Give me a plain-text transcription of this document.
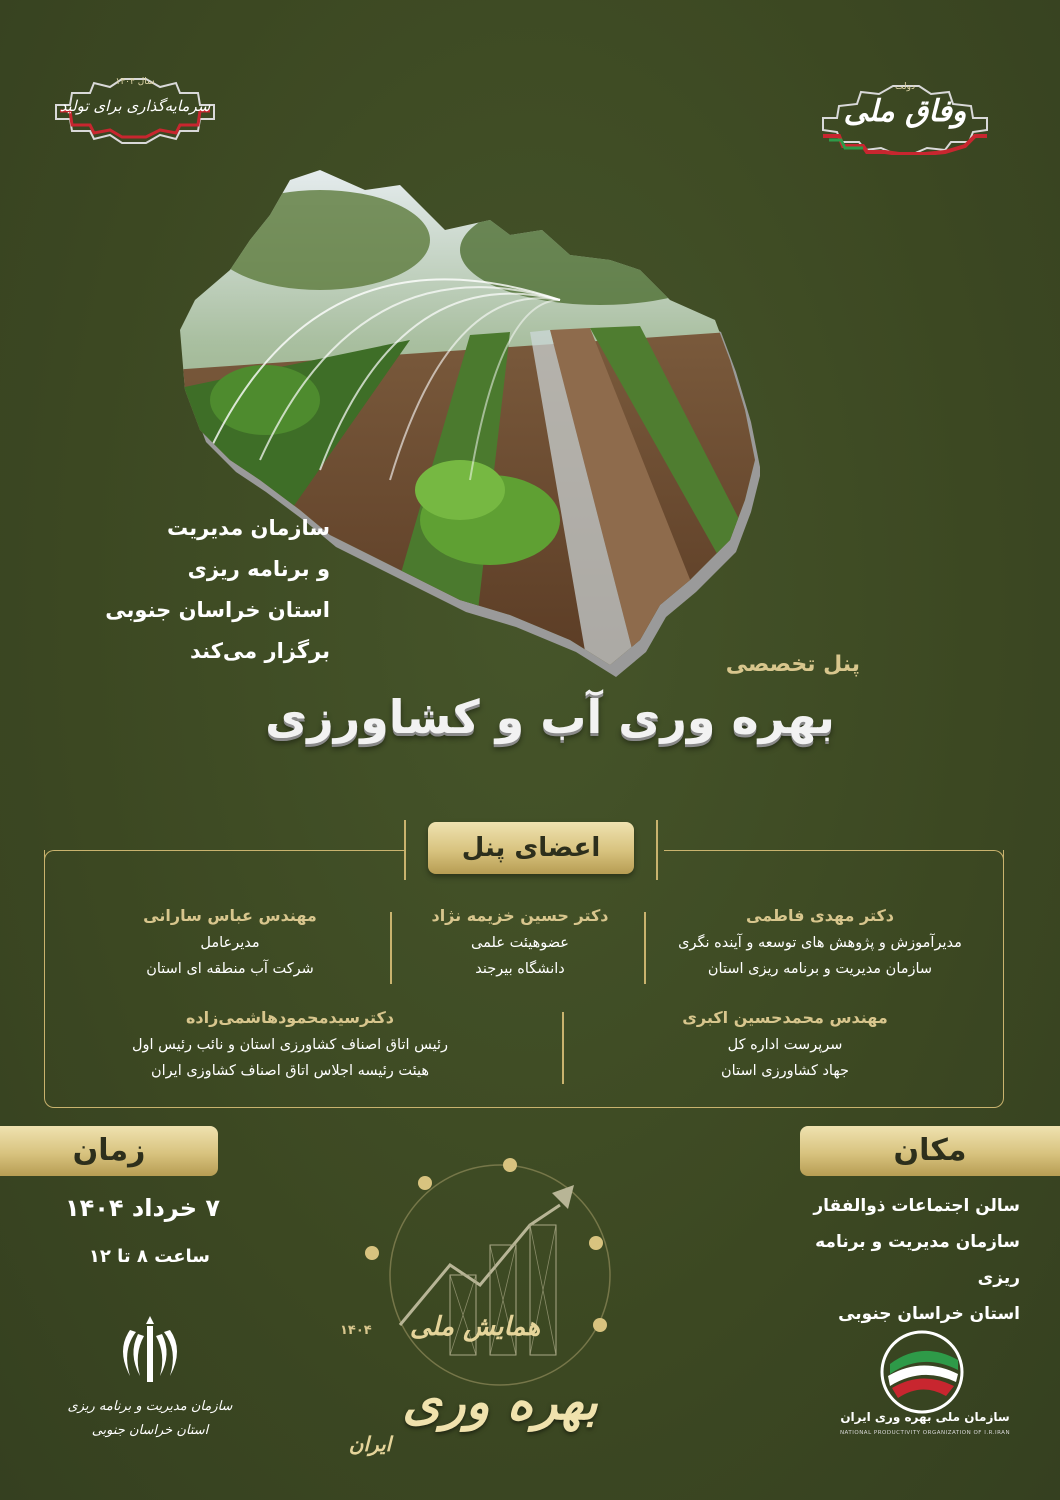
سال ۱۴۰۴
سرمایه‌گذاری برای تولید
دولت
وفاق ملی
سازمان مدیریت
و برنامه ریزی
استان خراسان جنوبی
برگزار می‌کند
پنل تخصصی
بهره وری آب و کشاورزی
اعضای پنل
دکتر مهدی فاطمی
مدیرآموزش و پژوهش های توسعه و آینده نگری
سازمان مدیریت و برنامه ریزی استان
دکتر حسین خزیمه نژاد
عضوهیئت علمی
دانشگاه بیرجند
مهندس عباس سارانی
مدیرعامل
شرکت آب منطقه ای استان
مهندس محمدحسین اکبری
سرپرست اداره کل
جهاد کشاورزی استان
دکترسیدمحمودهاشمی‌زاده
رئیس اتاق اصناف کشاورزی استان و نائب رئیس اول
هیئت رئیسه اجلاس اتاق اصناف کشاوزی ایران
زمان
۷ خرداد ۱۴۰۴
ساعت ۸ تا ۱۲
مکان
سالن اجتماعات ذوالفقار
سازمان مدیریت و برنامه ریزی
استان خراسان جنوبی
سازمان مدیریت و برنامه ریزی
استان خراسان جنوبی
۱۴۰۴	همایش ملی
بهره وری
ایران
سازمان ملی بهره وری ایران
NATIONAL PRODUCTIVITY ORGANIZATION OF I.R.IRAN
